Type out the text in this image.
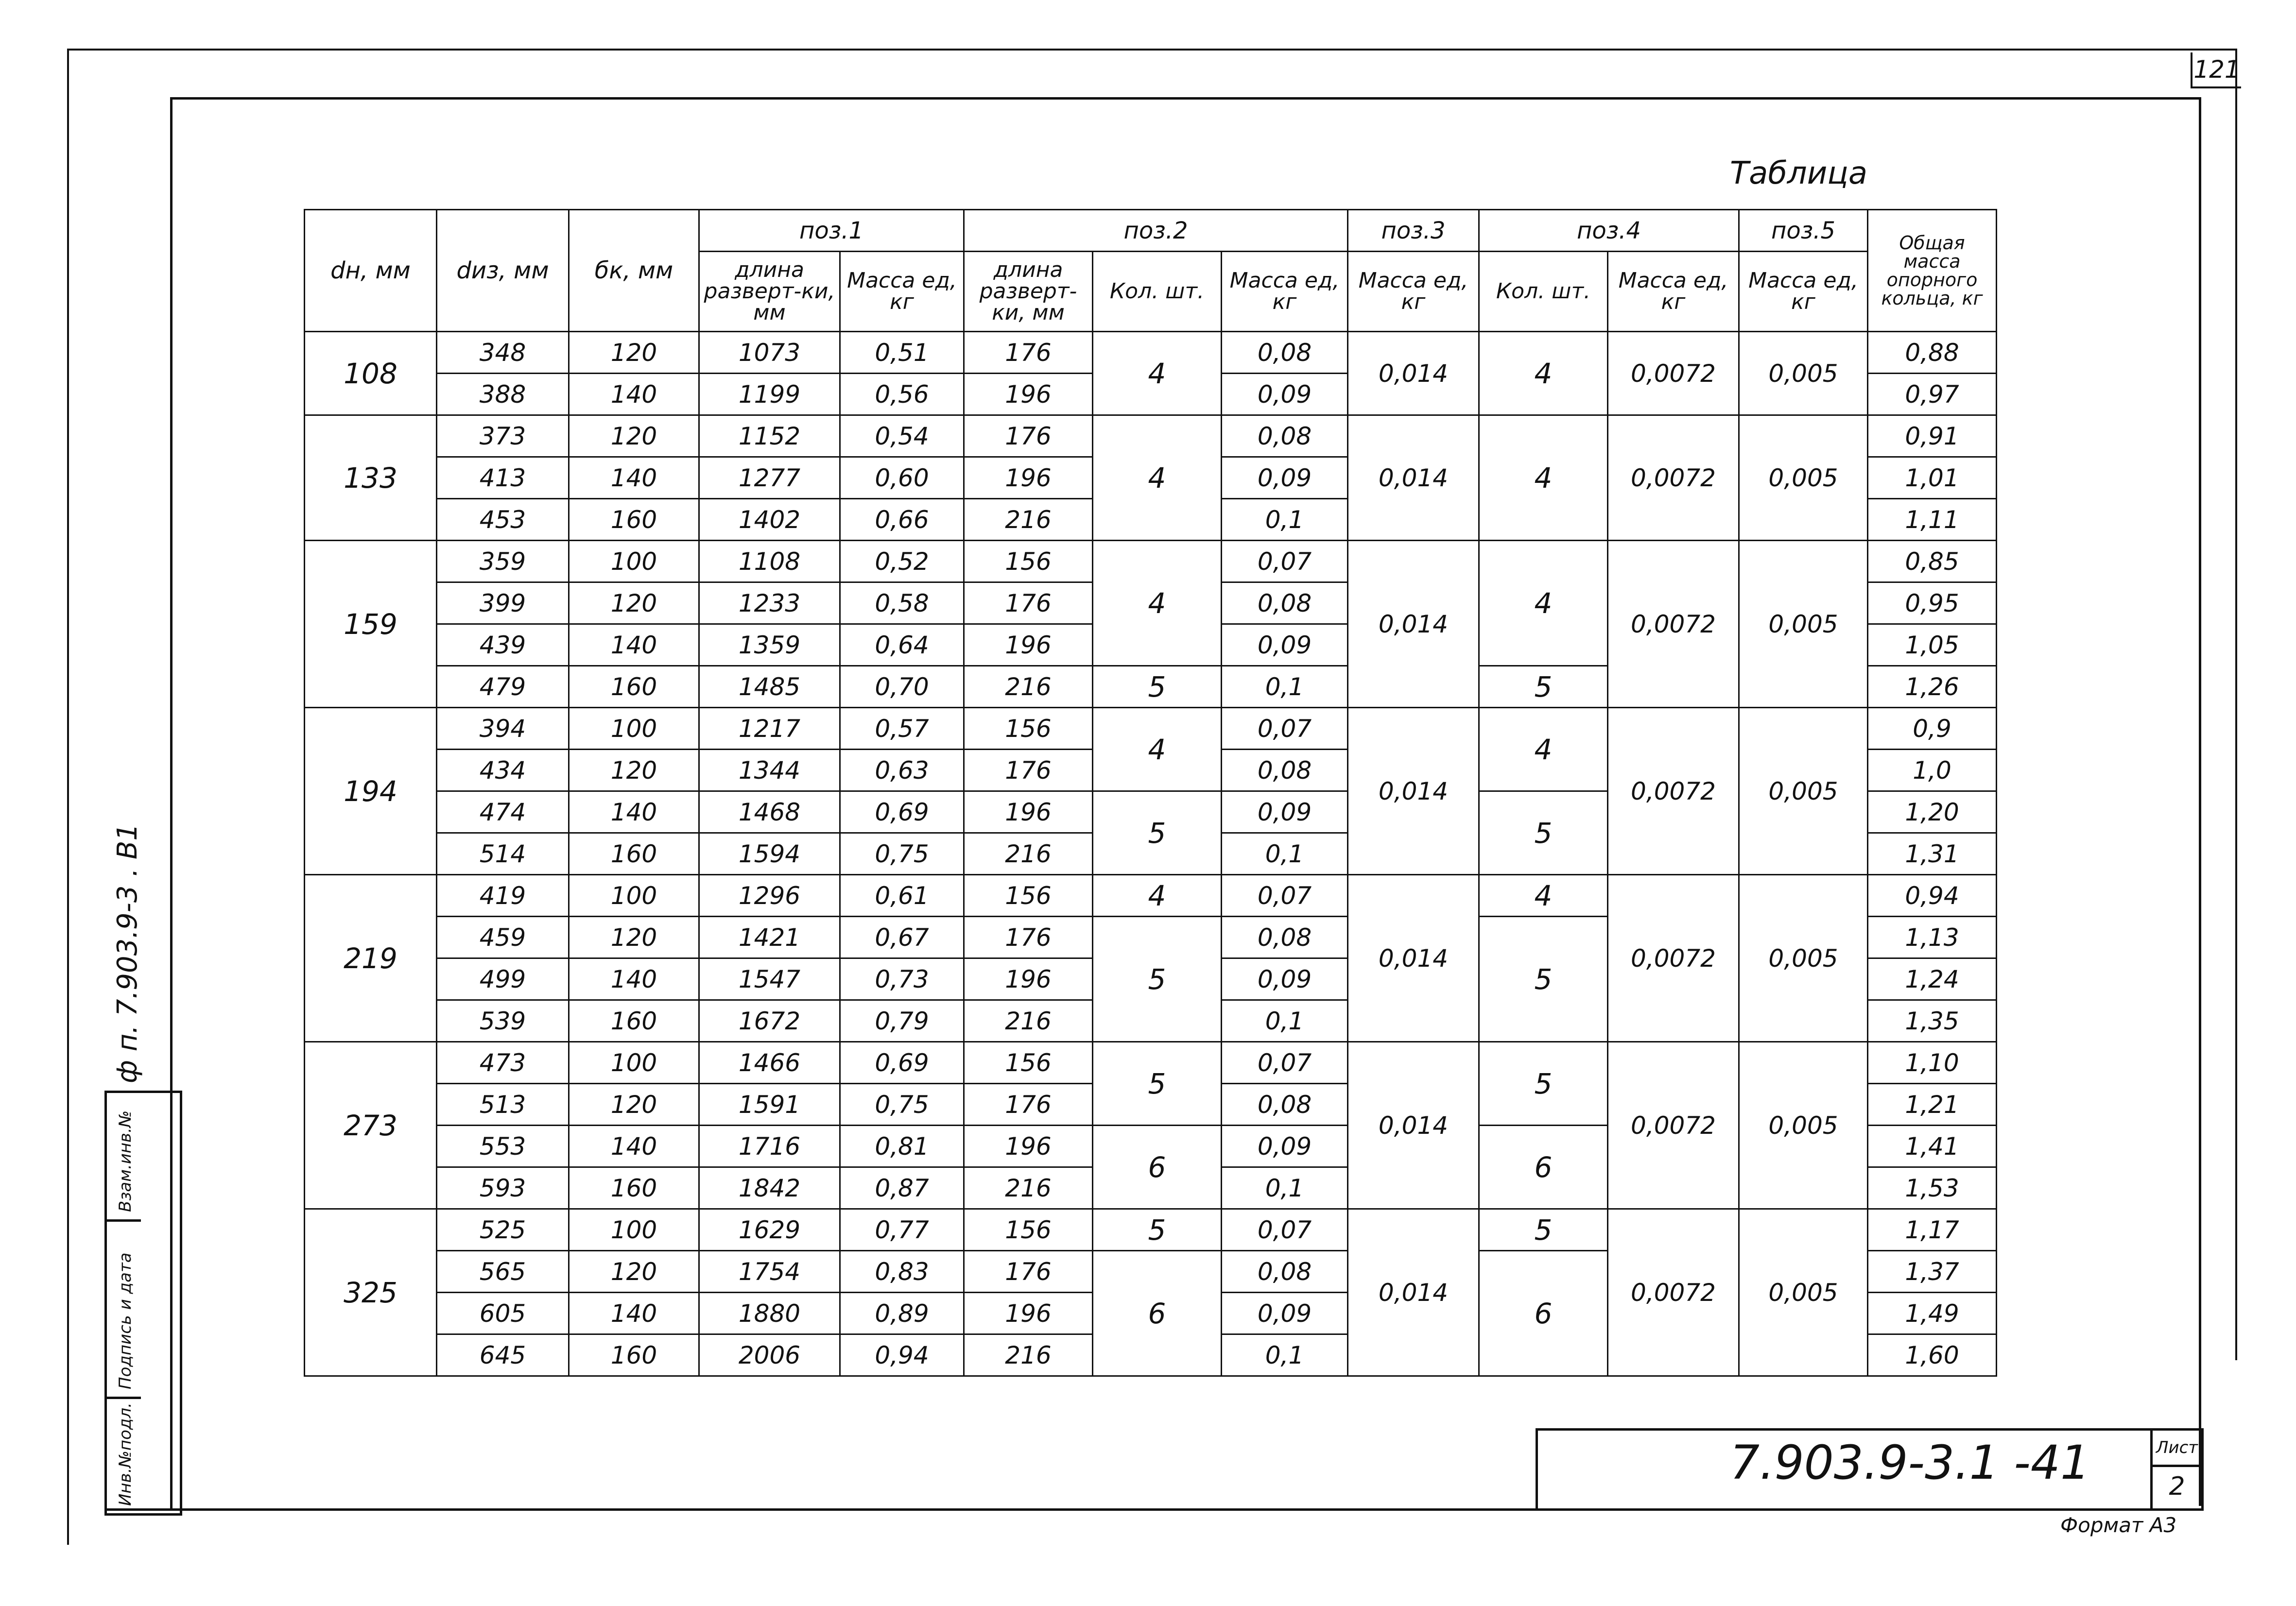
121
Таблица
dн, мм	dиз, мм	бк, мм	поз.1		поз.2			поз.3	поз.4		поз.5	Общая масса опорного кольца, кг
			длина разверт-ки, мм	Масса ед, кг	длина разверт-ки, мм	Кол. шт.	Масса ед, кг	Масса ед, кг	Кол. шт.	Масса ед, кг	Масса ед, кг	
108	348	120	1073	0,51	176	4	0,08	0,014	4	0,0072	0,005	0,88
	388	140	1199	0,56	196		0,09					0,97
133	373	120	1152	0,54	176	4	0,08	0,014	4	0,0072	0,005	0,91
	413	140	1277	0,60	196		0,09					1,01
	453	160	1402	0,66	216		0,1					1,11
159	359	100	1108	0,52	156	4	0,07	0,014	4	0,0072	0,005	0,85
	399	120	1233	0,58	176		0,08					0,95
	439	140	1359	0,64	196		0,09					1,05
	479	160	1485	0,70	216	5	0,1		5			1,26
194	394	100	1217	0,57	156	4	0,07	0,014	4	0,0072	0,005	0,9
	434	120	1344	0,63	176		0,08					1,0
	474	140	1468	0,69	196	5	0,09		5			1,20
	514	160	1594	0,75	216		0,1					1,31
219	419	100	1296	0,61	156	4	0,07	0,014	4	0,0072	0,005	0,94
	459	120	1421	0,67	176	5	0,08		5			1,13
	499	140	1547	0,73	196		0,09					1,24
	539	160	1672	0,79	216		0,1					1,35
273	473	100	1466	0,69	156	5	0,07	0,014	5	0,0072	0,005	1,10
	513	120	1591	0,75	176		0,08					1,21
	553	140	1716	0,81	196	6	0,09		6			1,41
	593	160	1842	0,87	216		0,1					1,53
325	525	100	1629	0,77	156	5	0,07	0,014	5	0,0072	0,005	1,17
	565	120	1754	0,83	176	6	0,08		6			1,37
	605	140	1880	0,89	196		0,09					1,49
	645	160	2006	0,94	216		0,1					1,60
7.903.9-3.1 -41	Лист
2
Формат А3
ф п. 7.903.9-3 . В1
Взам.инв.№
Подпись и дата
Инв.№подл.
